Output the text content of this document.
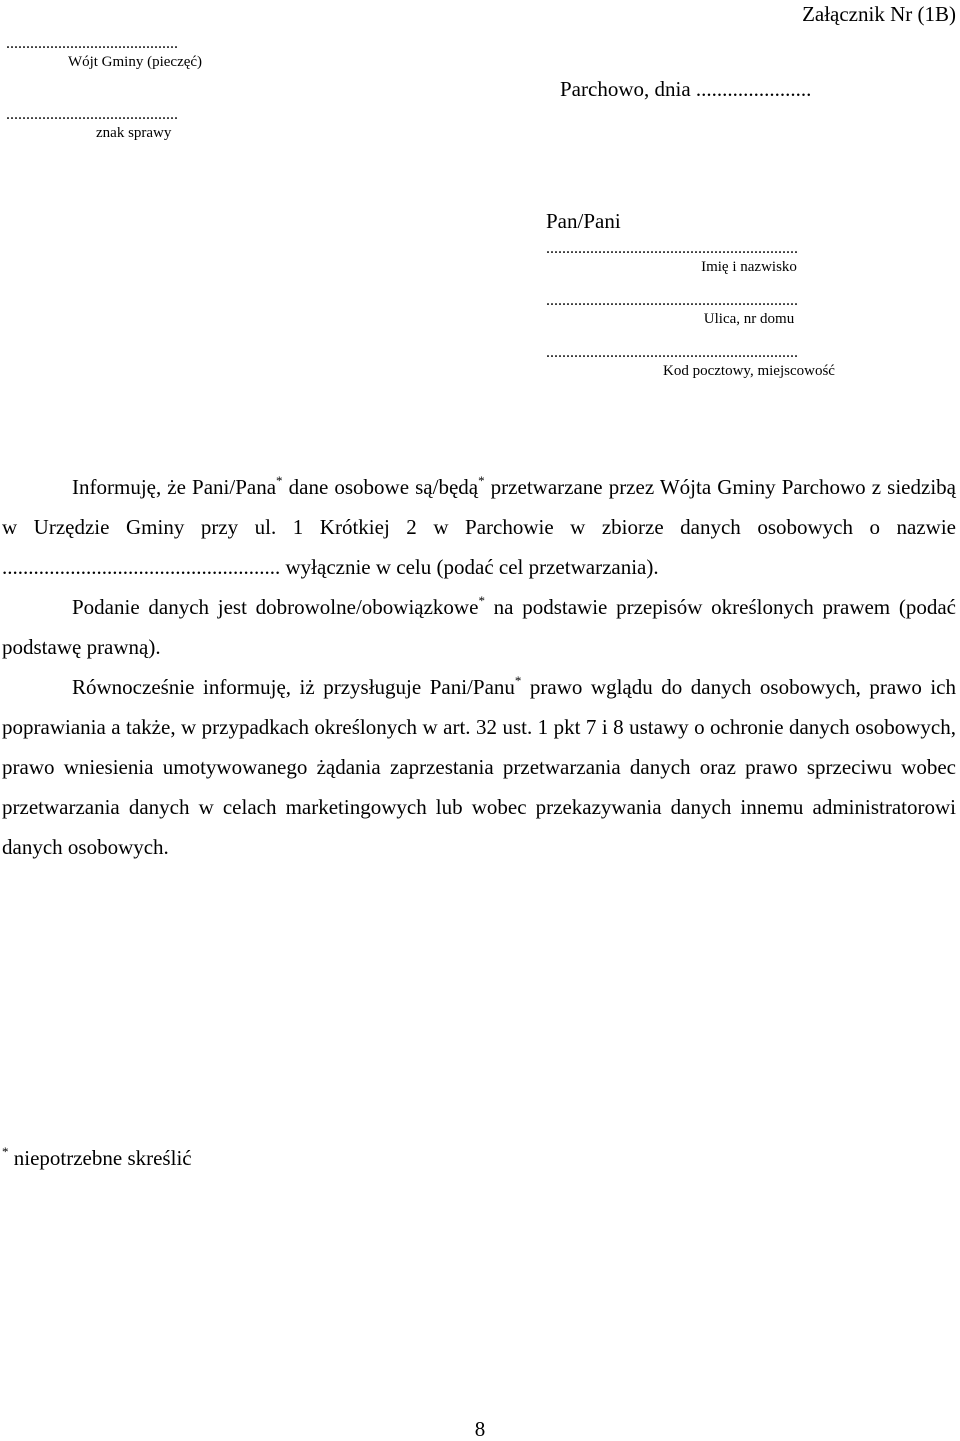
Załącznik Nr (1B)
...........................................
Wójt Gminy (pieczęć)
Parchowo, dnia ......................
...........................................
znak sprawy
Pan/Pani
...............................................................
Imię i nazwisko
...............................................................
Ulica, nr domu
...............................................................
Kod pocztowy, miejscowość
Informuję, że Pani/Pana* dane osobowe są/będą* przetwarzane przez Wójta Gminy Parchowo z siedzibą w Urzędzie Gminy przy ul. 1 Krótkiej 2 w Parchowie w zbiorze danych osobowych o nazwie ..................................................... wyłącznie w celu (podać cel przetwarzania).
Podanie danych jest dobrowolne/obowiązkowe* na podstawie przepisów określonych prawem (podać podstawę prawną).
Równocześnie informuję, iż przysługuje Pani/Panu* prawo wglądu do danych osobowych, prawo ich poprawiania a także, w przypadkach określonych w art. 32 ust. 1 pkt 7 i 8 ustawy o ochronie danych osobowych, prawo wniesienia umotywowanego żądania zaprzestania przetwarzania danych oraz prawo sprzeciwu wobec przetwarzania danych w celach marketingowych lub wobec przekazywania danych innemu administratorowi danych osobowych.
* niepotrzebne skreślić
8
